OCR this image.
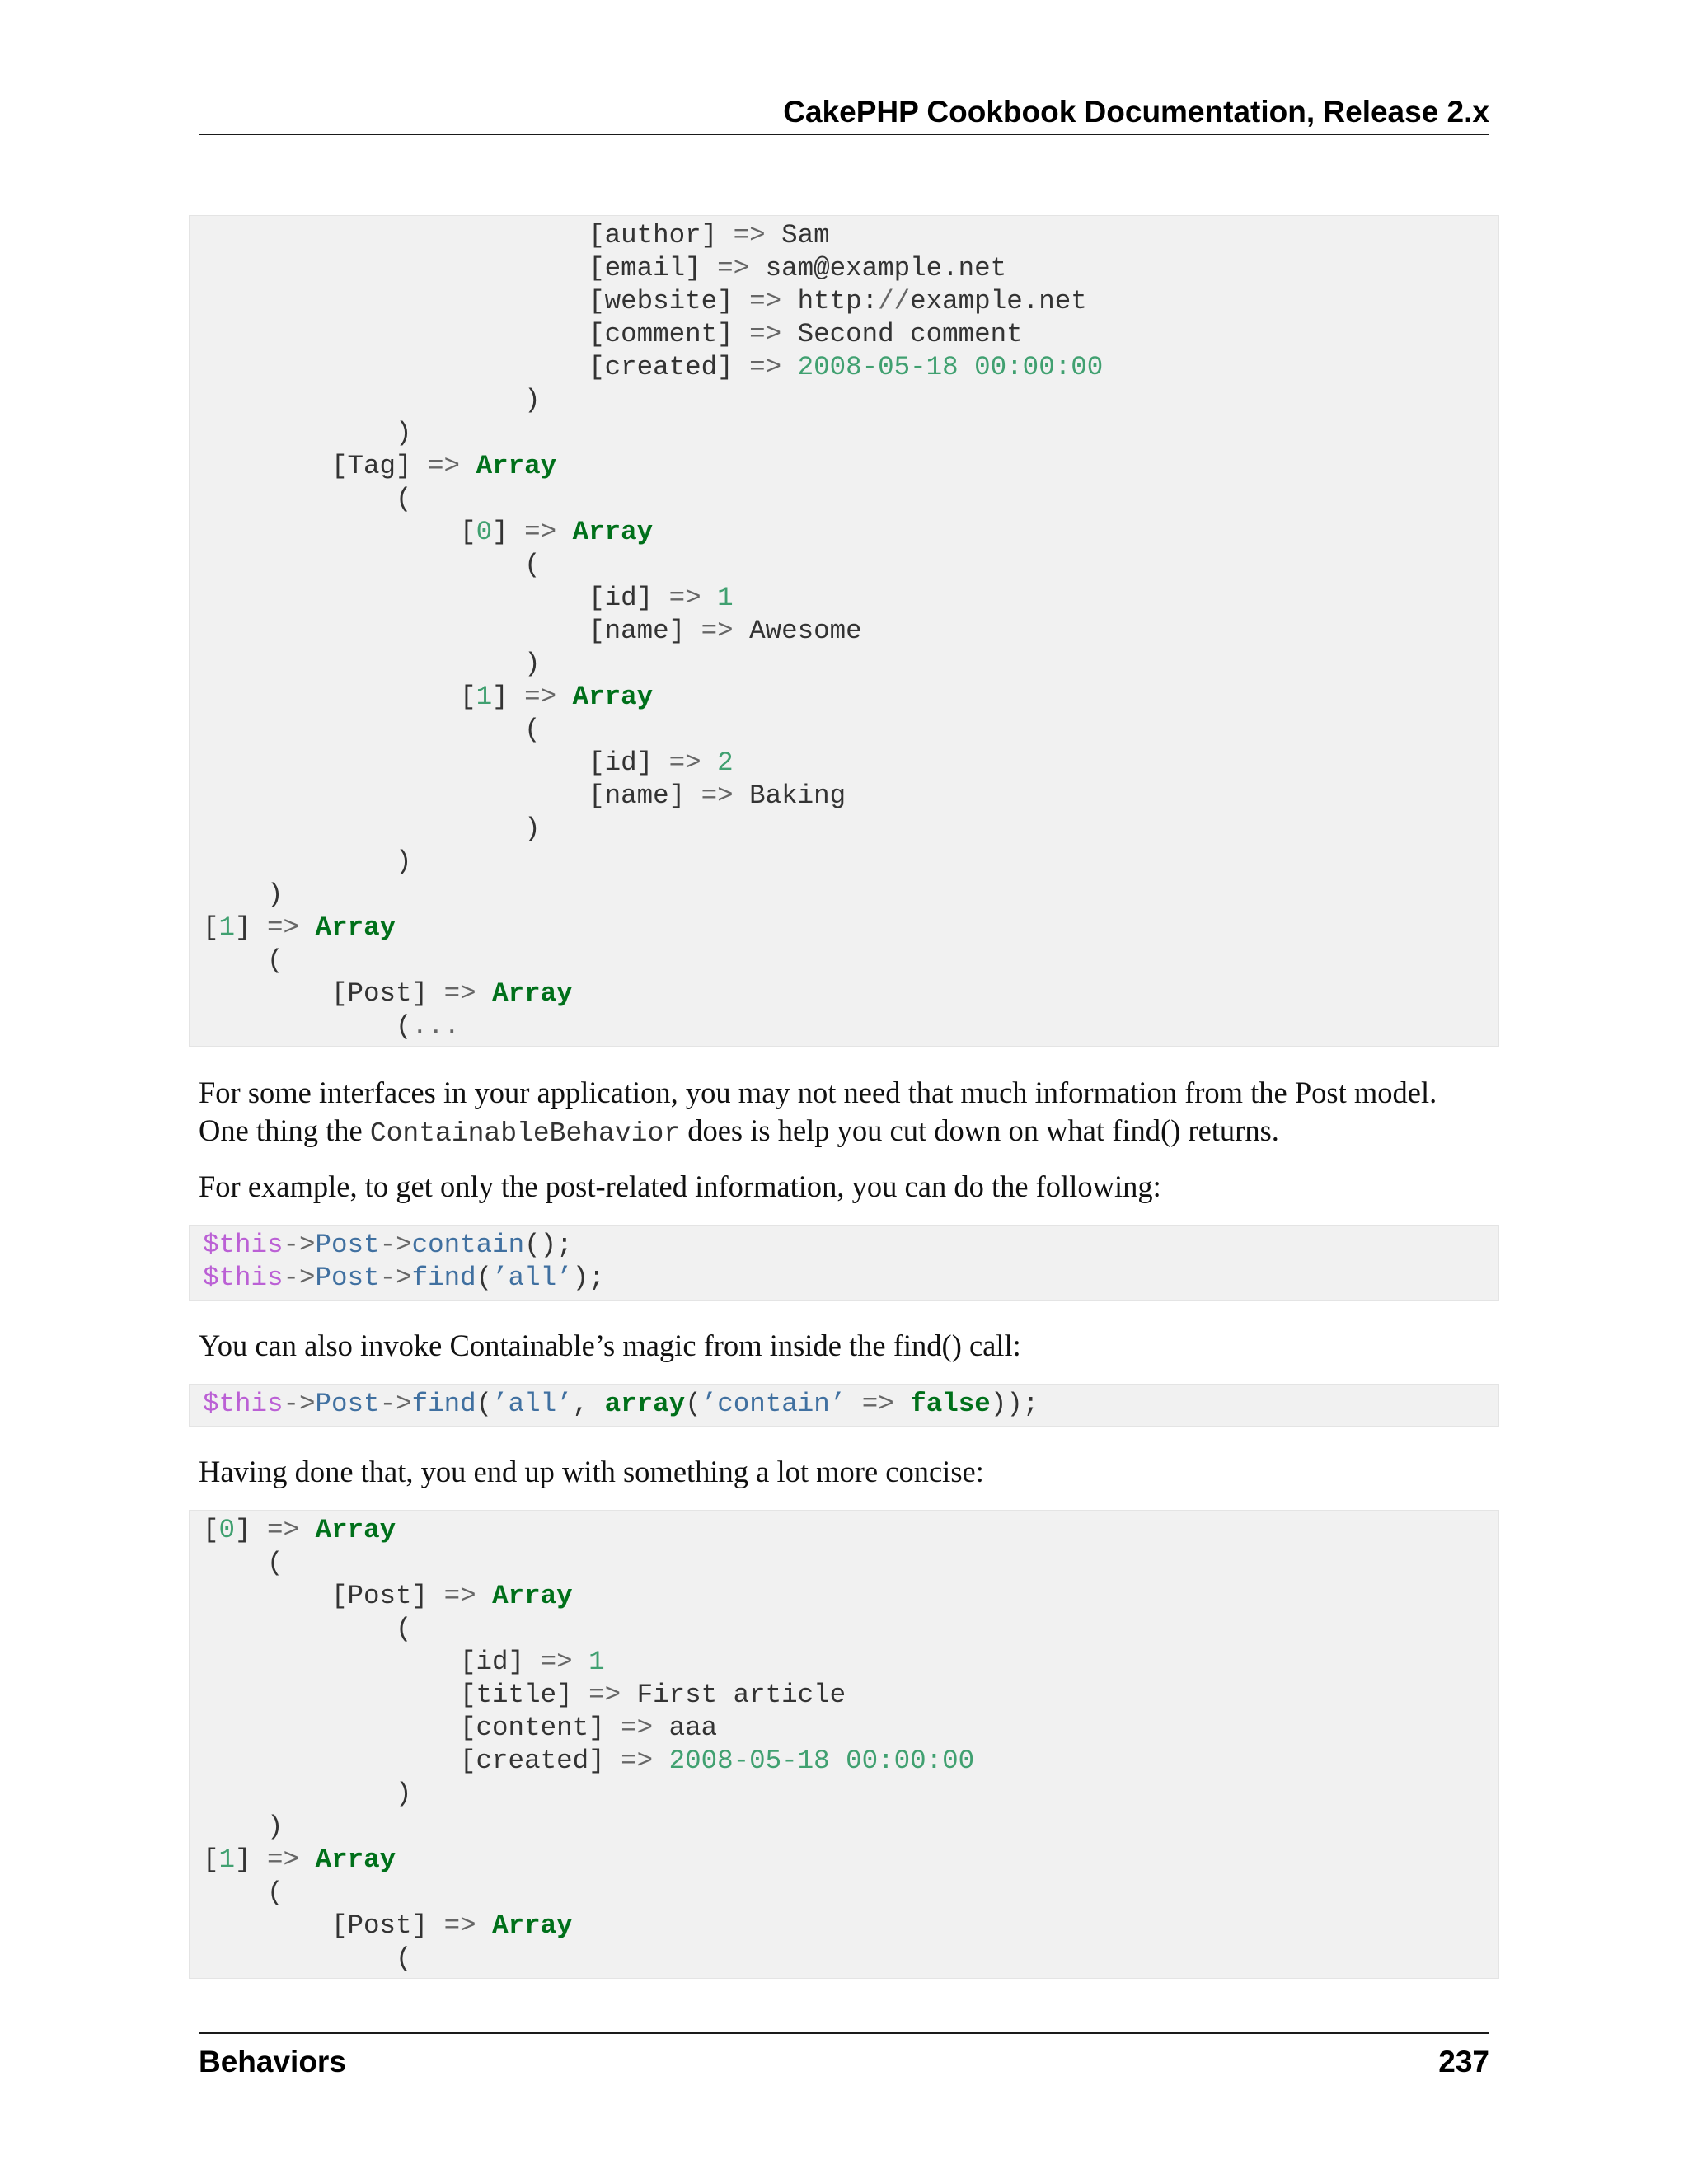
CakePHP Cookbook Documentation, Release 2.x
[author] => Sam
[email] => sam@example.net
[website] => http://example.net
[comment] => Second comment
[created] => 2008-05-18 00:00:00
)
)
[Tag] => Array
(
[0] => Array
(
[id] => 1
[name] => Awesome
)
[1] => Array
(
[id] => 2
[name] => Baking
)
)
)
[1] => Array
(
[Post] => Array
(...
For some interfaces in your application, you may not need that much information from the Post model. One thing the ContainableBehavior does is help you cut down on what find() returns.
For example, to get only the post-related information, you can do the following:
$this->Post->contain();
$this->Post->find(’all’);
You can also invoke Containable’s magic from inside the find() call:
$this->Post->find(’all’, array(’contain’ => false));
Having done that, you end up with something a lot more concise:
[0] => Array
(
[Post] => Array
(
[id] => 1
[title] => First article
[content] => aaa
[created] => 2008-05-18 00:00:00
)
)
[1] => Array
(
[Post] => Array
(
Behaviors	237
